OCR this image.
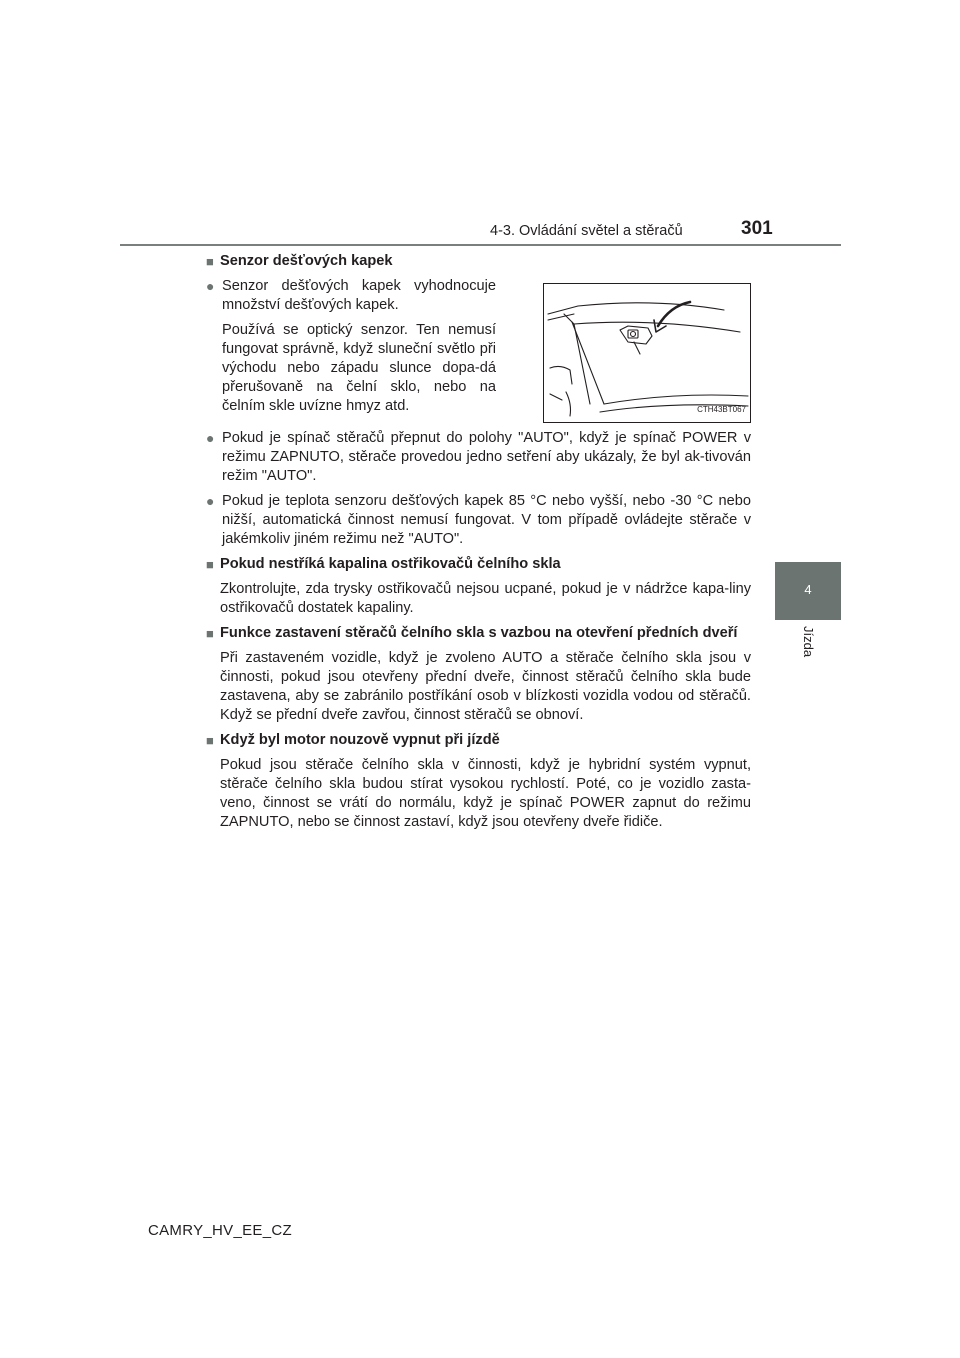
4-3. Ovládání světel a stěračů	301
4
Jízda
■ Senzor dešťových kapek
● Senzor dešťových kapek vyhodnocuje množství dešťových kapek.
Používá se optický senzor. Ten nemusí fungovat správně, když sluneční světlo při východu nebo západu slunce dopa-dá přerušovaně na čelní sklo, nebo na čelním skle uvízne hmyz atd.	CTH43BT067
● Pokud je spínač stěračů přepnut do polohy "AUTO", když je spínač POWER v režimu ZAPNUTO, stěrače provedou jedno setření aby ukázaly, že byl ak-tivován režim "AUTO".
● Pokud je teplota senzoru dešťových kapek 85 °C nebo vyšší, nebo -30 °C nebo nižší, automatická činnost nemusí fungovat. V tom případě ovládejte stěrače v jakémkoliv jiném režimu než "AUTO".
■ Pokud nestříká kapalina ostřikovačů čelního skla
Zkontrolujte, zda trysky ostřikovačů nejsou ucpané, pokud je v nádržce kapa-liny ostřikovačů dostatek kapaliny.
■ Funkce zastavení stěračů čelního skla s vazbou na otevření předních dveří
Při zastaveném vozidle, když je zvoleno AUTO a stěrače čelního skla jsou v činnosti, pokud jsou otevřeny přední dveře, činnost stěračů čelního skla bude zastavena, aby se zabránilo postříkání osob v blízkosti vozidla vodou od stěračů. Když se přední dveře zavřou, činnost stěračů se obnoví.
■ Když byl motor nouzově vypnut při jízdě
Pokud jsou stěrače čelního skla v činnosti, když je hybridní systém vypnut, stěrače čelního skla budou stírat vysokou rychlostí. Poté, co je vozidlo zasta-veno, činnost se vrátí do normálu, když je spínač POWER zapnut do režimu ZAPNUTO, nebo se činnost zastaví, když jsou otevřeny dveře řidiče.
CAMRY_HV_EE_CZ
